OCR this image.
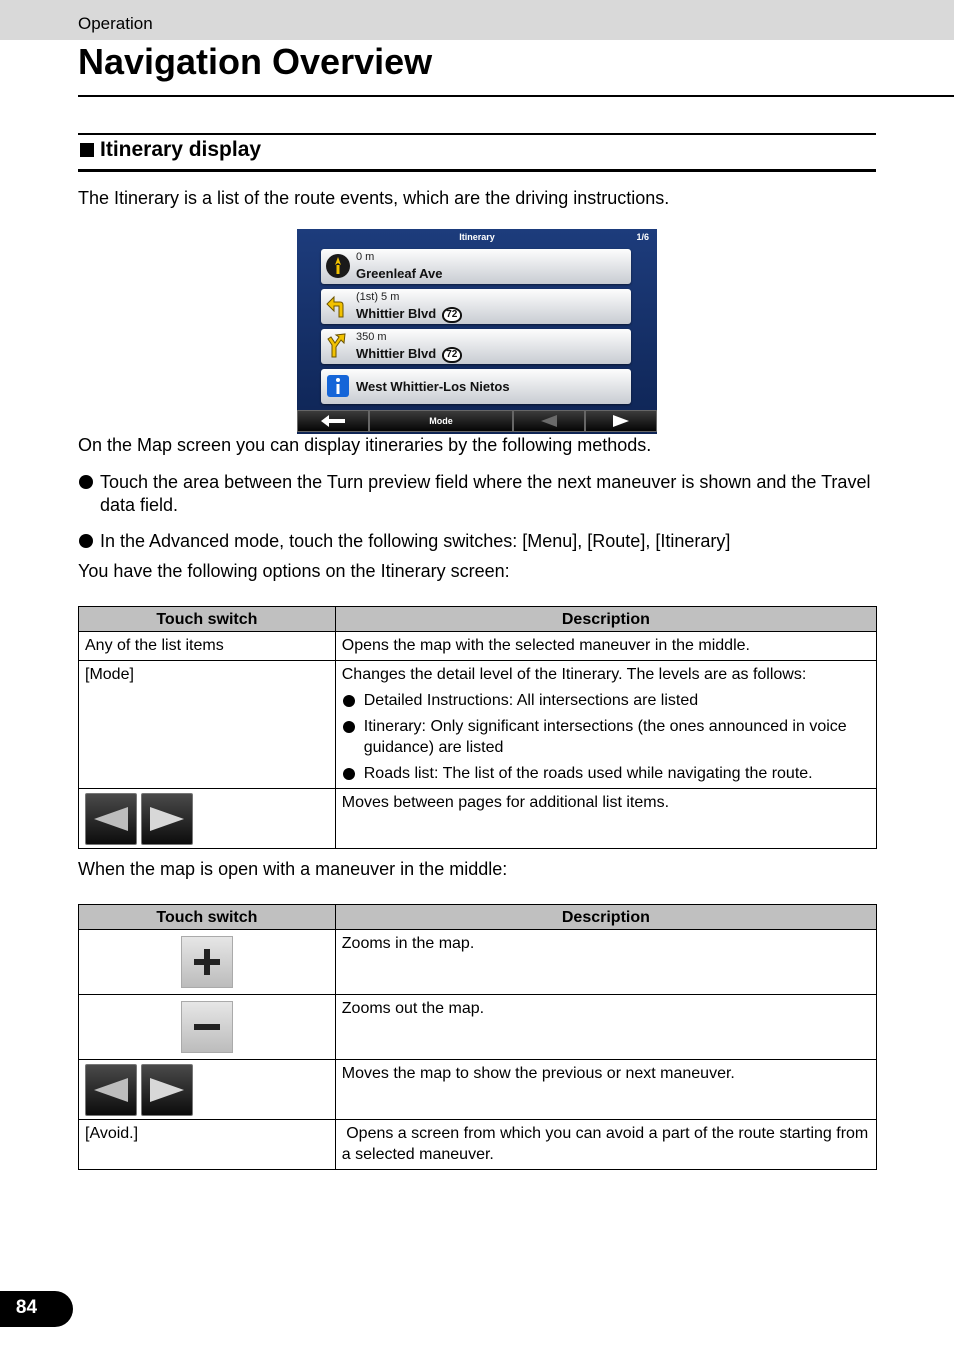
Operation
Navigation Overview
Itinerary display

The Itinerary is a list of the route events, which are the driving instructions.

Itinerary	1/6
0 m
Greenleaf Ave
(1st) 5 m
Whittier Blvd 72
350 m
Whittier Blvd 72
West Whittier-Los Nietos
Mode

On the Map screen you can display itineraries by the following methods.

Touch the area between the Turn preview field where the next maneuver is shown and the Travel data field.
In the Advanced mode, touch the following switches: [Menu], [Route], [Itinerary]

You have the following options on the Itinerary screen:

Touch switch	Description
Any of the list items	Opens the map with the selected maneuver in the middle.
[Mode]	Changes the detail level of the Itinerary. The levels are as follows:
Detailed Instructions: All intersections are listed
Itinerary: Only significant intersections (the ones announced in voice guidance) are listed
Roads list: The list of the roads used while navigating the route.

	Moves between pages for additional list items.

When the map is open with a maneuver in the middle:

Touch switch	Description

	Zooms in the map.

	Zooms out the map.

	Moves the map to show the previous or next maneuver.
[Avoid.]	Opens a screen from which you can avoid a part of the route starting from a selected maneuver.
84
